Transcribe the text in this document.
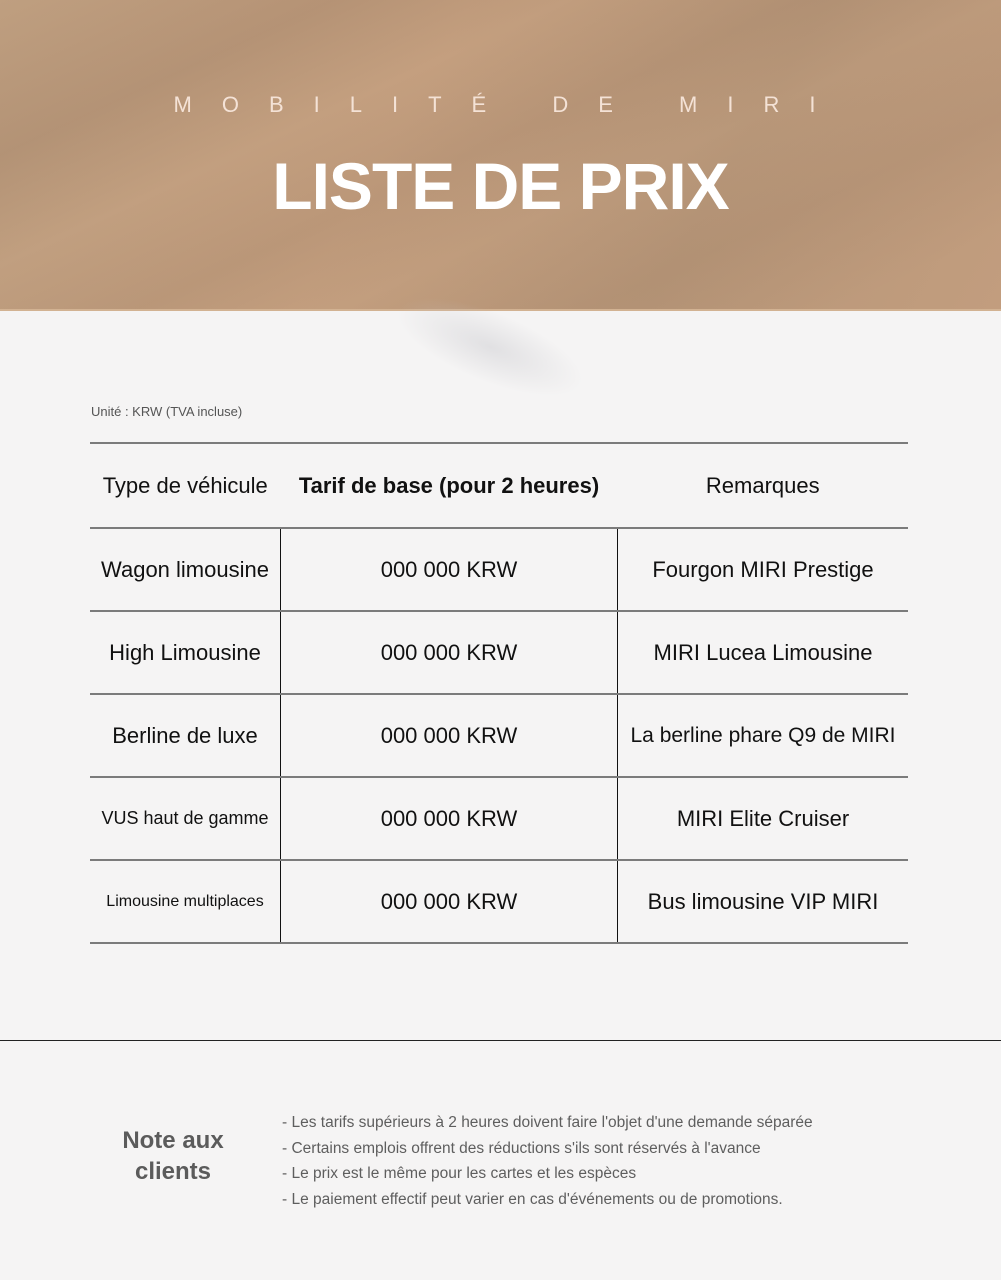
MOBILITÉ DE MIRI
LISTE DE PRIX
Unité : KRW (TVA incluse)
Type de véhicule	Tarif de base (pour 2 heures)	Remarques
Wagon limousine	000 000 KRW	Fourgon MIRI Prestige
High Limousine	000 000 KRW	MIRI Lucea Limousine
Berline de luxe	000 000 KRW	La berline phare Q9 de MIRI
VUS haut de gamme	000 000 KRW	MIRI Elite Cruiser
Limousine multiplaces	000 000 KRW	Bus limousine VIP MIRI
Note aux
clients
- Les tarifs supérieurs à 2 heures doivent faire l'objet d'une demande séparée
- Certains emplois offrent des réductions s'ils sont réservés à l'avance
- Le prix est le même pour les cartes et les espèces
- Le paiement effectif peut varier en cas d'événements ou de promotions.
